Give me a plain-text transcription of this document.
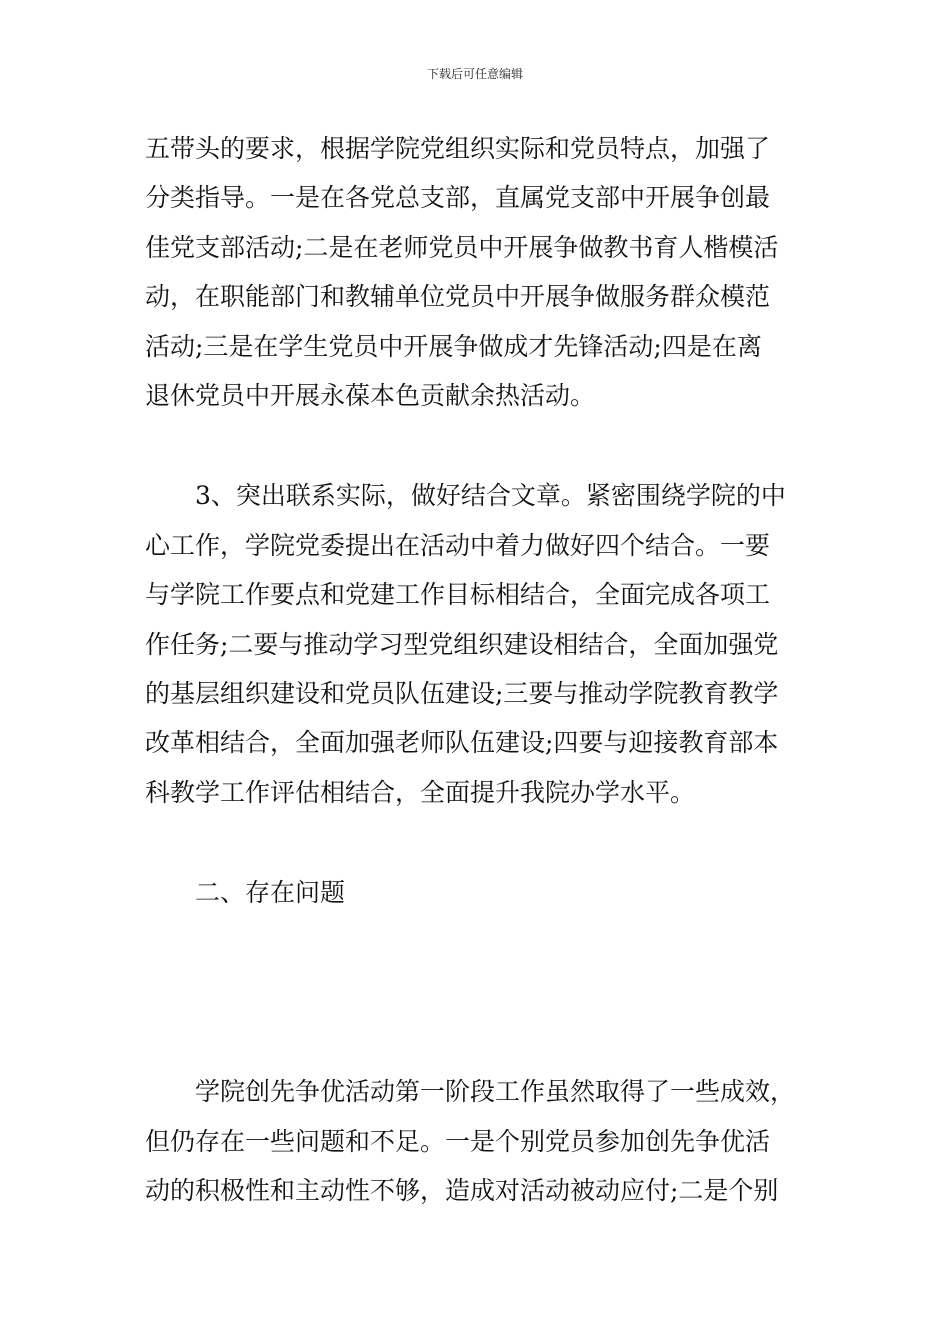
下载后可任意编辑
五带头的要求，根据学院党组织实际和党员特点，加强了
分类指导。一是在各党总支部，直属党支部中开展争创最
佳党支部活动;二是在老师党员中开展争做教书育人楷模活
动，在职能部门和教辅单位党员中开展争做服务群众模范
活动;三是在学生党员中开展争做成才先锋活动;四是在离
退休党员中开展永葆本色贡献余热活动。
3、突出联系实际，做好结合文章。紧密围绕学院的中
心工作，学院党委提出在活动中着力做好四个结合。一要
与学院工作要点和党建工作目标相结合，全面完成各项工
作任务;二要与推动学习型党组织建设相结合，全面加强党
的基层组织建设和党员队伍建设;三要与推动学院教育教学
改革相结合，全面加强老师队伍建设;四要与迎接教育部本
科教学工作评估相结合，全面提升我院办学水平。
二、存在问题
学院创先争优活动第一阶段工作虽然取得了一些成效，
但仍存在一些问题和不足。一是个别党员参加创先争优活
动的积极性和主动性不够，造成对活动被动应付;二是个别
